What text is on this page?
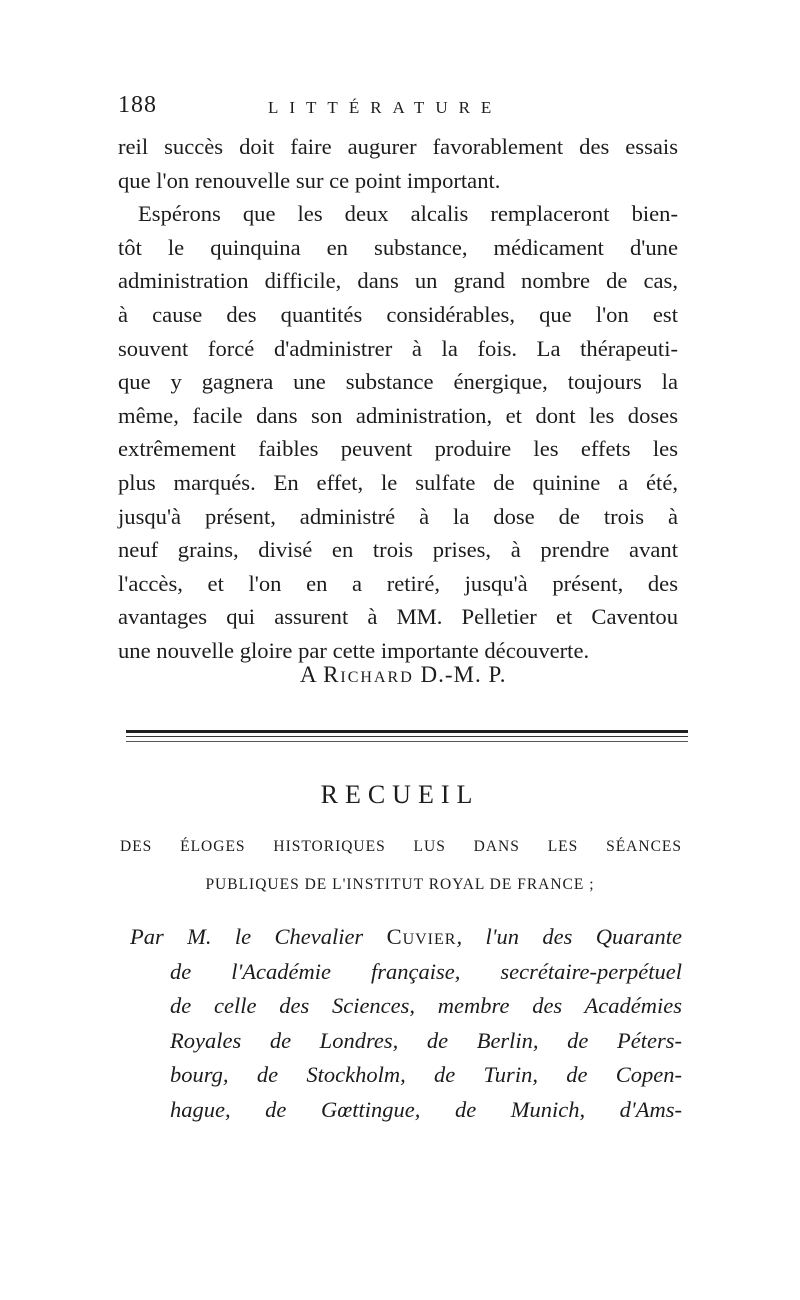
188	LITTÉRATURE

reil succès doit faire augurer favorablement des essais

que l'on renouvelle sur ce point important.

Espérons que les deux alcalis remplaceront bien-

tôt le quinquina en substance, médicament d'une

administration difficile, dans un grand nombre de cas,

à cause des quantités considérables, que l'on est

souvent forcé d'administrer à la fois. La thérapeuti-

que y gagnera une substance énergique, toujours la

même, facile dans son administration, et dont les doses

extrêmement faibles peuvent produire les effets les

plus marqués. En effet, le sulfate de quinine a été,

jusqu'à présent, administré à la dose de trois à

neuf grains, divisé en trois prises, à prendre avant

l'accès, et l'on en a retiré, jusqu'à présent, des

avantages qui assurent à MM. Pelletier et Caventou

une nouvelle gloire par cette importante découverte.

A Richard D.-M. P.
RECUEIL
DES ÉLOGES HISTORIQUES LUS DANS LES SÉANCES
PUBLIQUES DE L'INSTITUT ROYAL DE FRANCE ;

Par M. le Chevalier Cuvier, l'un des Quarante

de l'Académie française, secrétaire-perpétuel

de celle des Sciences, membre des Académies

Royales de Londres, de Berlin, de Péters-

bourg, de Stockholm, de Turin, de Copen-

hague, de Gœttingue, de Munich, d'Ams-
